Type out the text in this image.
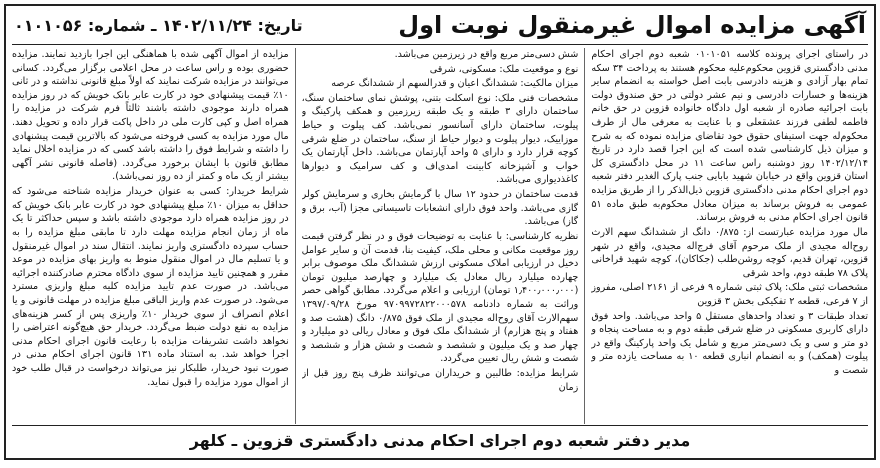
آگهی مزایده اموال غیرمنقول نوبت اول
تاریخ: ۱۴۰۲/۱۱/۲۴ ـ شماره: ۰۱۰۱۰۵۶

در راستای اجرای پرونده کلاسه ۰۱۰۱۰۵۱ شعبه دوم اجرای احکام مدنی دادگستری قزوین محکوم‌علیه محکوم هستند به پرداخت ۳۴ سکه تمام بهار آزادی و هزینه دادرسی بابت اصل خواسته به انضمام سایر هزینه‌ها و خسارات دادرسی و نیم عشر دولتی در حق صندوق دولت بابت اجرائیه صادره از شعبه اول دادگاه خانواده قزوین در حق خانم فاطمه لطفی فرزند عشقعلی و با عنایت به معرفی مال از طرف محکوم‌له جهت استیفای حقوق خود تقاضای مزایده نموده که به شرح و میزان ذیل کارشناسی شده است که این اجرا قصد دارد در تاریخ ۱۴۰۲/۱۲/۱۴ روز دوشنبه راس ساعت ۱۱ در محل دادگستری کل استان قزوین واقع در خیابان شهید بابایی جنب پارک الغدیر دفتر شعبه دوم اجرای احکام مدنی دادگستری قزوین ذیل‌الذکر را از طریق مزایده عمومی به فروش برساند به میزان معادل محکوم‌به طبق ماده ۵۱ قانون اجرای احکام مدنی به فروش برساند.

مال مورد مزایده عبارتست از: ۰/۸۷۵ دانگ از ششدانگ سهم الارث روح‌اله مجیدی از ملک مرحوم آقای فرج‌اله مجیدی، واقع در شهر قزوین، تهران قدیم، کوچه روشن‌طلب (جکاکان)، کوچه شهید قراخانی پلاک ۷۸ طبقه دوم، واحد شرقی

مشخصات ثبتی ملک: پلاک ثبتی شماره ۹ فرعی از ۲۱۶۱ اصلی، مفروز از ۷ فرعی، قطعه ۲ تفکیکی بخش ۳ قزوین

تعداد طبقات ۳ و تعداد واحدهای مستقل ۵ واحد می‌باشد. واحد فوق دارای کاربری مسکونی در ضلع شرقی طبقه دوم و به مساحت پنجاه و دو متر و سی و یک دسی‌متر مربع و شامل یک واحد پارکینگ واقع در پیلوت (همکف) و به انضمام انباری قطعه ۱۰ به مساحت یازده متر و شصت و

شش دسی‌متر مربع واقع در زیرزمین می‌باشد.

نوع و موقعیت ملک: مسکونی، شرقی

میزان مالکیت: ششدانگ اعیان و قدرالسهم از ششدانگ عرصه

مشخصات فنی ملک: نوع اسکلت بتنی، پوشش نمای ساختمان سنگ، ساختمان دارای ۳ طبقه و یک طبقه زیرزمین و همکف پارکینگ و پیلوت، ساختمان دارای آسانسور نمی‌باشد. کف پیلوت و حیاط موزاییک، دیوار پیلوت و دیوار حیاط از سنگ، ساختمان در ضلع شرقی کوچه قرار دارد و دارای ۵ واحد آپارتمان می‌باشد. داخل آپارتمان یک خواب و آشپزخانه کابینت امدی‌اف و کف سرامیک و دیوارها کاغذدیواری می‌باشد.

قدمت ساختمان در حدود ۱۲ سال با گرمایش بخاری و سرمایش کولر گازی می‌باشد. واحد فوق دارای انشعابات تاسیساتی مجزا (آب، برق و گاز) می‌باشد.

نظریه کارشناسی: با عنایت به توضیحات فوق و در نظر گرفتن قیمت روز موقعیت مکانی و محلی ملک، کیفیت بنا، قدمت آن و سایر عوامل دخیل در ارزیابی املاک مسکونی ارزش ششدانگ ملک موصوف برابر چهارده میلیارد ریال معادل یک میلیارد و چهارصد میلیون تومان (۱٫۴۰۰٫۰۰۰٫۰۰۰ تومان) ارزیابی و اعلام می‌گردد. مطابق گواهی حصر وراثت به شماره دادنامه ۹۷۰۹۹۷۲۸۲۲۰۰۰۵۷۸ مورخ ۱۳۹۷/۰۹/۲۸ سهم‌الارث آقای روح‌اله مجیدی از ملک فوق ۰/۸۷۵ دانگ (هشت صد و هفتاد و پنج هزارم) از ششدانگ ملک فوق و معادل ریالی دو میلیارد و چهار صد و یک میلیون و ششصد و شصت و شش هزار و ششصد و شصت و شش ریال تعیین می‌گردد.

شرایط مزایده: طالبین و خریداران می‌توانند ظرف پنج روز قبل از زمان

مزایده از اموال آگهی شده با هماهنگی این اجرا بازدید نمایند. مزایده حضوری بوده و راس ساعت در محل اعلامی برگزار می‌گردد. کسانی می‌توانند در مزایده شرکت نمایند که اولاً مبلغ قانونی نداشته و در ثانی ۱۰٪ قیمت پیشنهادی خود در کارت عابر بانک خویش که در روز مزایده همراه دارند موجودی داشته باشند ثالثاً فرم شرکت در مزایده را همراه اصل و کپی کارت ملی در داخل پاکت قرار داده و تحویل دهند. مال مورد مزایده به کسی فروخته می‌شود که بالاترین قیمت پیشنهادی را داشته و شرایط فوق را داشته باشد کسی که در مزایده اخلال نماید مطابق قانون با ایشان برخورد می‌گردد. (فاصله قانونی نشر آگهی بیشتر از یک ماه و کمتر از ده روز نمی‌باشد).

شرایط خریدار: کسی به عنوان خریدار مزایده شناخته می‌شود که حداقل به میزان ۱۰٪ مبلغ پیشنهادی خود در کارت عابر بانک خویش که در روز مزایده همراه دارد موجودی داشته باشد و سپس حداکثر تا یک ماه از زمان انجام مزایده مهلت دارد تا مابقی مبلغ مزایده را به حساب سپرده دادگستری واریز نمایند. انتقال سند در اموال غیرمنقول و یا تسلیم مال در اموال منقول منوط به واریز بهای مزایده در موعد مقرر و همچنین تایید مزایده از سوی دادگاه محترم صادرکننده اجرائیه می‌باشد. در صورت عدم تایید مزایده کلیه مبلغ واریزی مسترد می‌شود. در صورت عدم واریز الباقی مبلغ مزایده در مهلت قانونی و یا اعلام انصراف از سوی خریدار ۱۰٪ واریزی پس از کسر هزینه‌های مزایده به نفع دولت ضبط می‌گردد. خریدار حق هیچ‌گونه اعتراضی را نخواهد داشت تشریفات مزایده با رعایت قانون اجرای احکام مدنی اجرا خواهد شد. به استناد ماده ۱۳۱ قانون اجرای احکام مدنی در صورت نبود خریدار، طلبکار نیز می‌تواند درخواست در قبال طلب خود از اموال مورد مزایده را قبول نماید.

مدیر دفتر شعبه دوم اجرای احکام مدنی دادگستری قزوین ـ کلهر
